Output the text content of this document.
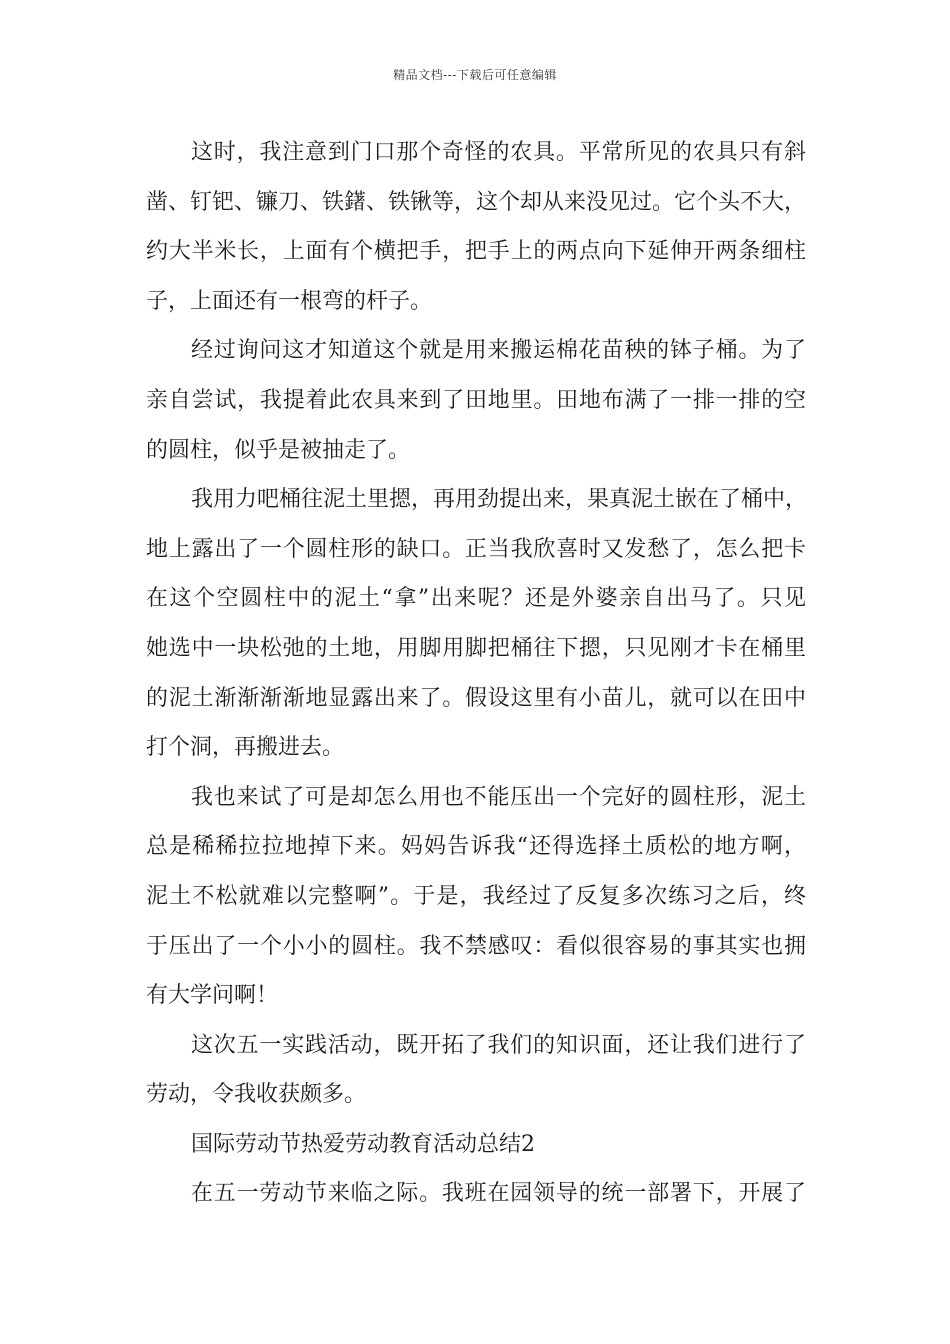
精品文档---下载后可任意编辑
这时，我注意到门口那个奇怪的农具。平常所见的农具只有斜
凿、钉钯、镰刀、铁鐯、铁锹等，这个却从来没见过。它个头不大，
约大半米长，上面有个横把手，把手上的两点向下延伸开两条细柱
子，上面还有一根弯的杆子。
经过询问这才知道这个就是用来搬运棉花苗秧的钵子桶。为了
亲自尝试，我提着此农具来到了田地里。田地布满了一排一排的空
的圆柱，似乎是被抽走了。
我用力吧桶往泥土里摁，再用劲提出来，果真泥土嵌在了桶中，
地上露出了一个圆柱形的缺口。正当我欣喜时又发愁了，怎么把卡
在这个空圆柱中的泥土“拿”出来呢？还是外婆亲自出马了。只见
她选中一块松弛的土地，用脚用脚把桶往下摁，只见刚才卡在桶里
的泥土渐渐渐渐地显露出来了。假设这里有小苗儿，就可以在田中
打个洞，再搬进去。
我也来试了可是却怎么用也不能压出一个完好的圆柱形，泥土
总是稀稀拉拉地掉下来。妈妈告诉我“还得选择土质松的地方啊，
泥土不松就难以完整啊”。于是，我经过了反复多次练习之后，终
于压出了一个小小的圆柱。我不禁感叹：看似很容易的事其实也拥
有大学问啊！
这次五一实践活动，既开拓了我们的知识面，还让我们进行了
劳动，令我收获颇多。
国际劳动节热爱劳动教育活动总结2
在五一劳动节来临之际。我班在园领导的统一部署下，开展了
